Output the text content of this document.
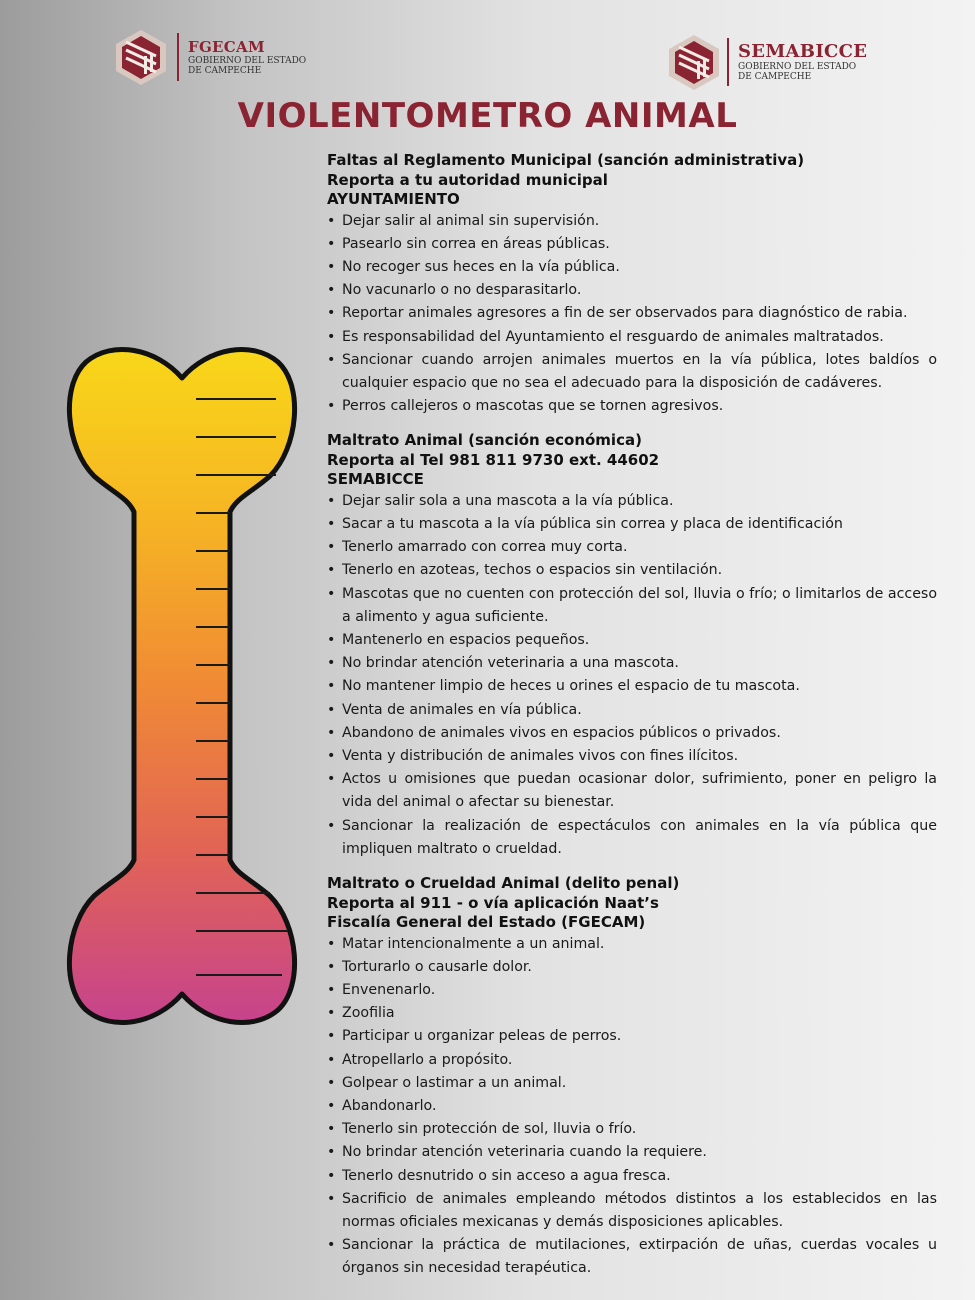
FGECAM
GOBIERNO DEL ESTADO
DE CAMPECHE
SEMABICCE
GOBIERNO DEL ESTADO
DE CAMPECHE
VIOLENTOMETRO ANIMAL
Faltas al Reglamento Municipal (sanción administrativa)
Reporta a tu autoridad municipal
AYUNTAMIENTO
• Dejar salir al animal sin supervisión.
• Pasearlo sin correa en áreas públicas.
• No recoger sus heces en la vía pública.
• No vacunarlo o no desparasitarlo.
• Reportar animales agresores a fin de ser observados para diagnóstico de rabia.
• Es responsabilidad del Ayuntamiento el resguardo de animales maltratados.
• Sancionar cuando arrojen animales muertos en la vía pública, lotes baldíos o cualquier espacio que no sea el adecuado para la disposición de cadáveres.
• Perros callejeros o mascotas que se tornen agresivos.
Maltrato Animal (sanción económica)
Reporta al Tel 981 811 9730 ext. 44602
SEMABICCE
• Dejar salir sola a una mascota a la vía pública.
• Sacar a tu mascota a la vía pública sin correa y placa de identificación
• Tenerlo amarrado con correa muy corta.
• Tenerlo en azoteas, techos o espacios sin ventilación.
• Mascotas que no cuenten con protección del sol, lluvia o frío; o limitarlos de acceso a alimento y agua suficiente.
• Mantenerlo en espacios pequeños.
• No brindar atención veterinaria a una mascota.
• No mantener limpio de heces u orines el espacio de tu mascota.
• Venta de animales en vía pública.
• Abandono de animales vivos en espacios públicos o privados.
• Venta y distribución de animales vivos con fines ilícitos.
• Actos u omisiones que puedan ocasionar dolor, sufrimiento, poner en peligro la vida del animal o afectar su bienestar.
• Sancionar la realización de espectáculos con animales en la vía pública que impliquen maltrato o crueldad.
Maltrato o Crueldad Animal (delito penal)
Reporta al 911 - o vía aplicación Naat’s
Fiscalía General del Estado (FGECAM)
• Matar intencionalmente a un animal.
• Torturarlo o causarle dolor.
• Envenenarlo.
• Zoofilia
• Participar u organizar peleas de perros.
• Atropellarlo a propósito.
• Golpear o lastimar a un animal.
• Abandonarlo.
• Tenerlo sin protección de sol, lluvia o frío.
• No brindar atención veterinaria cuando la requiere.
• Tenerlo desnutrido o sin acceso a agua fresca.
• Sacrificio de animales empleando métodos distintos a los establecidos en las normas oficiales mexicanas y demás disposiciones aplicables.
• Sancionar la práctica de mutilaciones, extirpación de uñas, cuerdas vocales u órganos sin necesidad terapéutica.
